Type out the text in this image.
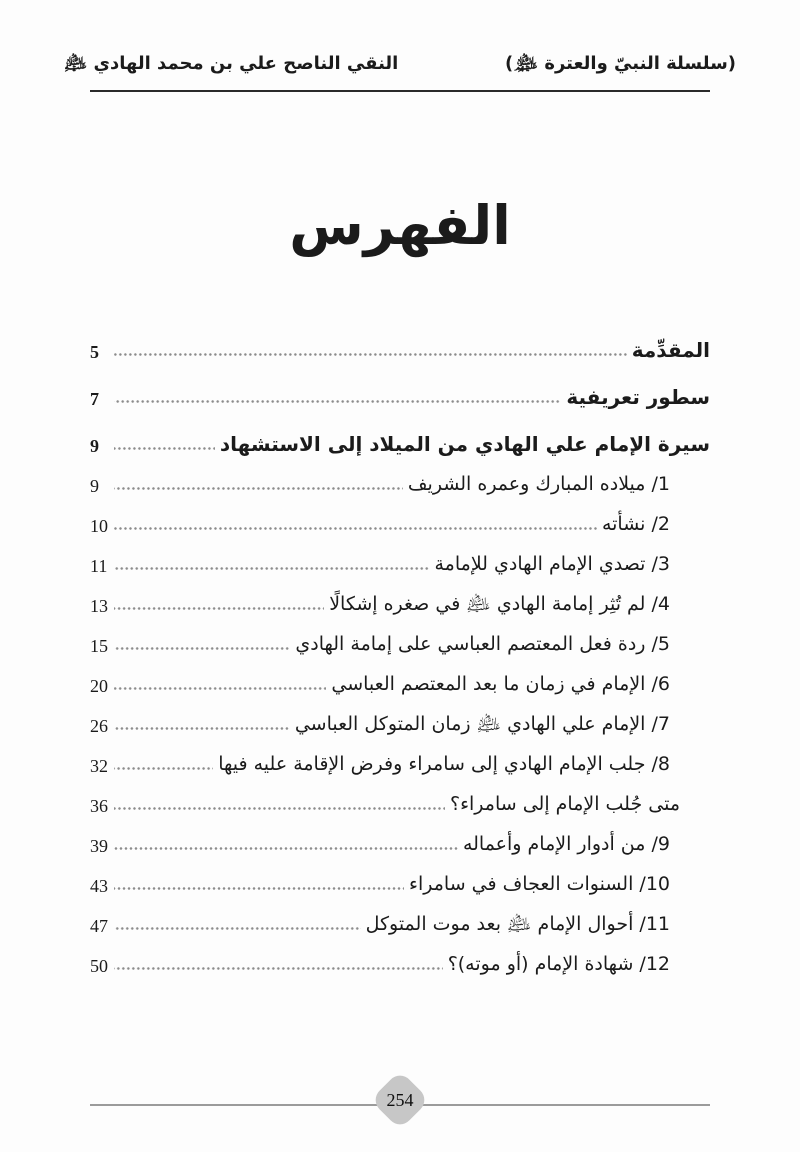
(سلسلة النبيّ والعترة ﵈)
النقي الناصح علي بن محمد الهادي ﵇
الفهرس
المقدِّمة
5
سطور تعريفية
7
سيرة الإمام علي الهادي من الميلاد إلى الاستشهاد
9
1/ ميلاده المبارك وعمره الشريف
9
2/ نشأته
10
3/ تصدي الإمام الهادي للإمامة
11
4/ لم تُثِر إمامة الهادي ﵇ في صغره إشكالًا
13
5/ ردة فعل المعتصم العباسي على إمامة الهادي
15
6/ الإمام في زمان ما بعد المعتصم العباسي
20
7/ الإمام علي الهادي ﵇ زمان المتوكل العباسي
26
8/ جلب الإمام الهادي إلى سامراء وفرض الإقامة عليه فيها
32
متى جُلب الإمام إلى سامراء؟
36
9/ من أدوار الإمام وأعماله
39
10/ السنوات العجاف في سامراء
43
11/ أحوال الإمام ﵇ بعد موت المتوكل
47
12/ شهادة الإمام (أو موته)؟
50
254
